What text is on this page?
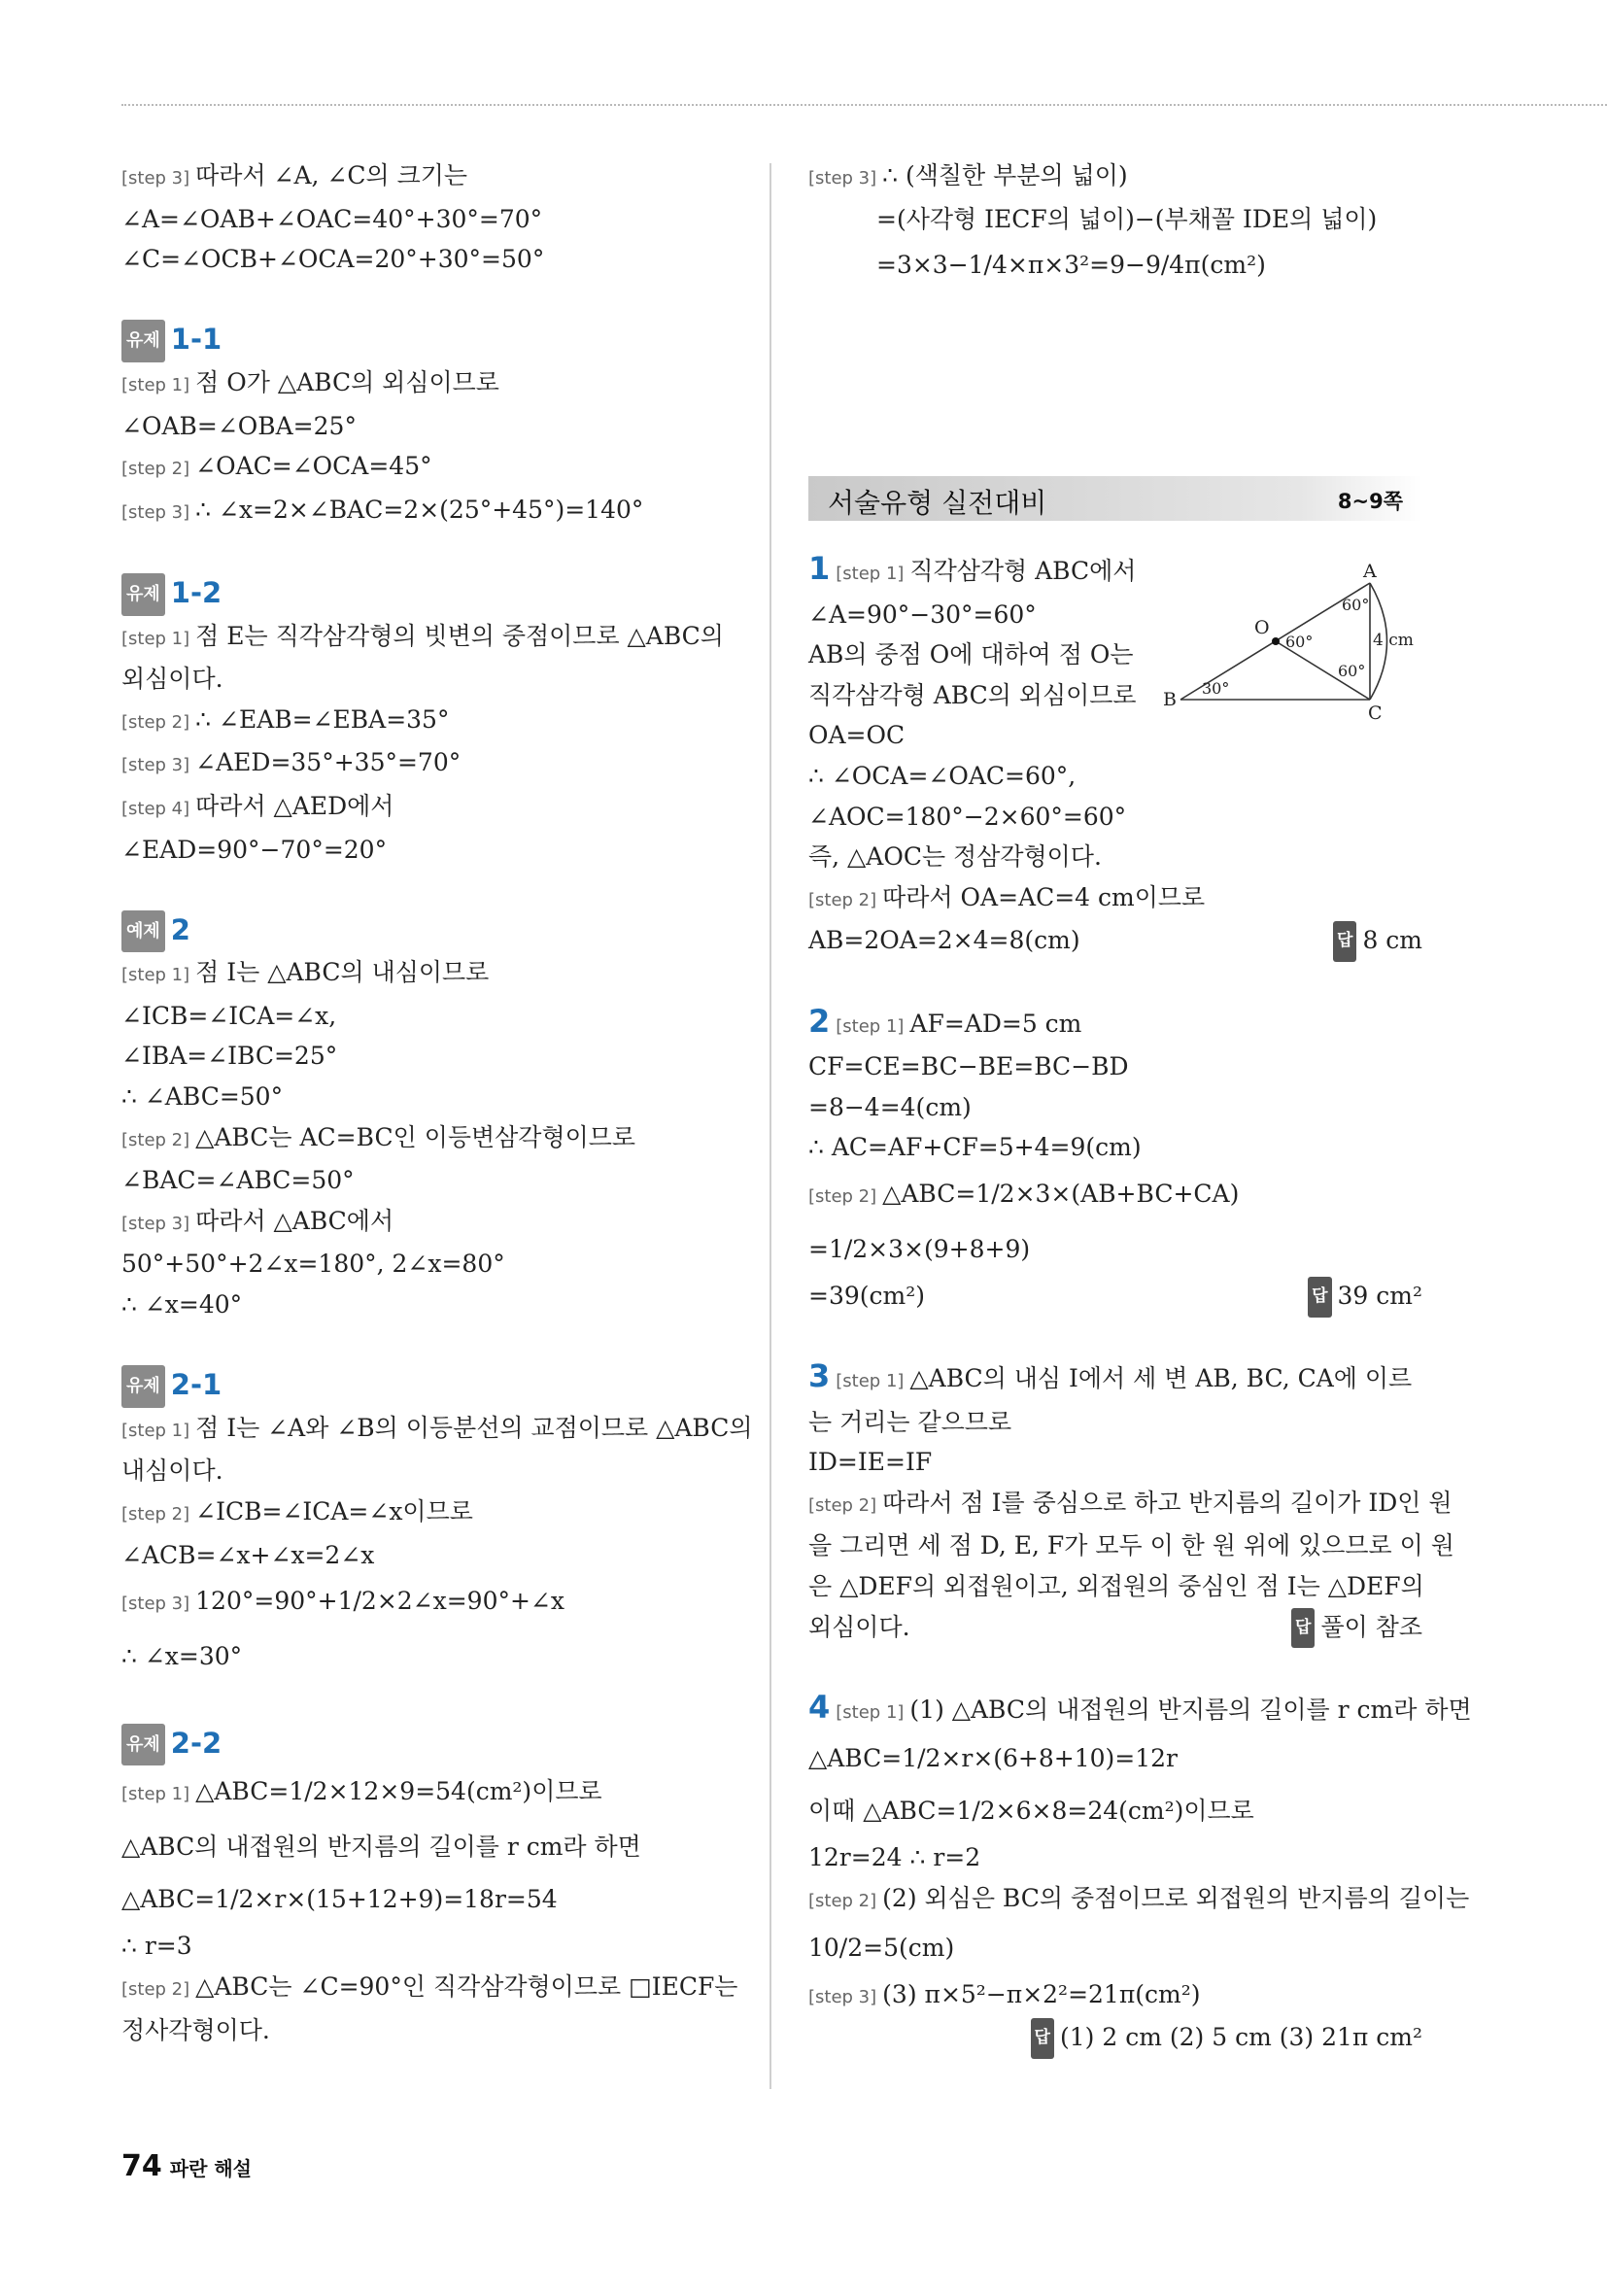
[step 3] 따라서 ∠A, ∠C의 크기는
∠A=∠OAB+∠OAC=40°+30°=70°
∠C=∠OCB+∠OCA=20°+30°=50°
유제 1-1
[step 1] 점 O가 △ABC의 외심이므로
∠OAB=∠OBA=25°
[step 2] ∠OAC=∠OCA=45°
[step 3] ∴ ∠x=2×∠BAC=2×(25°+45°)=140°
유제 1-2
[step 1] 점 E는 직각삼각형의 빗변의 중점이므로 △ABC의
외심이다.
[step 2] ∴ ∠EAB=∠EBA=35°
[step 3] ∠AED=35°+35°=70°
[step 4] 따라서 △AED에서
∠EAD=90°−70°=20°
예제 2
[step 1] 점 I는 △ABC의 내심이므로
∠ICB=∠ICA=∠x,
∠IBA=∠IBC=25°
∴ ∠ABC=50°
[step 2] △ABC는 AC=BC인 이등변삼각형이므로
∠BAC=∠ABC=50°
[step 3] 따라서 △ABC에서
50°+50°+2∠x=180°, 2∠x=80°
∴ ∠x=40°
유제 2-1
[step 1] 점 I는 ∠A와 ∠B의 이등분선의 교점이므로 △ABC의
내심이다.
[step 2] ∠ICB=∠ICA=∠x이므로
∠ACB=∠x+∠x=2∠x
[step 3] 120°=90°+1/2×2∠x=90°+∠x
∴ ∠x=30°
유제 2-2
[step 1] △ABC=1/2×12×9=54(cm²)이므로
△ABC의 내접원의 반지름의 길이를 r cm라 하면
△ABC=1/2×r×(15+12+9)=18r=54
∴ r=3
[step 2] △ABC는 ∠C=90°인 직각삼각형이므로 □IECF는
정사각형이다.
[step 3] ∴ (색칠한 부분의 넓이)
=(사각형 IECF의 넓이)−(부채꼴 IDE의 넓이)
=3×3−1/4×π×3²=9−9/4π(cm²)
서술유형 실전대비	8~9쪽
1 [step 1] 직각삼각형 ABC에서
∠A=90°−30°=60°
AB의 중점 O에 대하여 점 O는
직각삼각형 ABC의 외심이므로
OA=OC
∴ ∠OCA=∠OAC=60°,
∠AOC=180°−2×60°=60°
즉, △AOC는 정삼각형이다.
[step 2] 따라서 OA=AC=4 cm이므로
AB=2OA=2×4=8(cm)	답 8 cm
2 [step 1] AF=AD=5 cm
CF=CE=BC−BE=BC−BD
=8−4=4(cm)
∴ AC=AF+CF=5+4=9(cm)
[step 2] △ABC=1/2×3×(AB+BC+CA)
=1/2×3×(9+8+9)
=39(cm²)	답 39 cm²
3 [step 1] △ABC의 내심 I에서 세 변 AB, BC, CA에 이르
는 거리는 같으므로
ID=IE=IF
[step 2] 따라서 점 I를 중심으로 하고 반지름의 길이가 ID인 원
을 그리면 세 점 D, E, F가 모두 이 한 원 위에 있으므로 이 원
은 △DEF의 외접원이고, 외접원의 중심인 점 I는 △DEF의
외심이다.	답 풀이 참조
4 [step 1] (1) △ABC의 내접원의 반지름의 길이를 r cm라 하면
△ABC=1/2×r×(6+8+10)=12r
이때 △ABC=1/2×6×8=24(cm²)이므로
12r=24 ∴ r=2
[step 2] (2) 외심은 BC의 중점이므로 외접원의 반지름의 길이는
10/2=5(cm)
[step 3] (3) π×5²−π×2²=21π(cm²)
답 (1) 2 cm (2) 5 cm (3) 21π cm²
A
B
C
O
60°
60°
60°
30°
4 cm
74 파란 해설
